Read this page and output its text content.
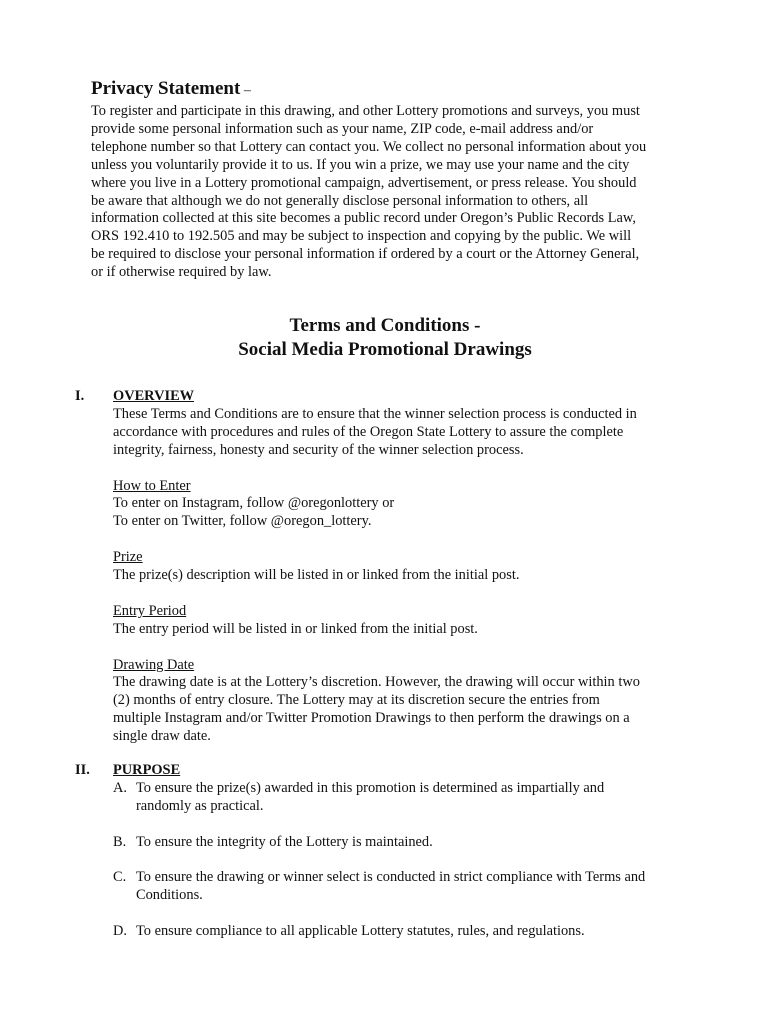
Privacy Statement –

To register and participate in this drawing, and other Lottery promotions and surveys, you must

provide some personal information such as your name, ZIP code, e-mail address and/or

telephone number so that Lottery can contact you. We collect no personal information about you

unless you voluntarily provide it to us. If you win a prize, we may use your name and the city

where you live in a Lottery promotional campaign, advertisement, or press release. You should

be aware that although we do not generally disclose personal information to others, all

information collected at this site becomes a public record under Oregon’s Public Records Law,

ORS 192.410 to 192.505 and may be subject to inspection and copying by the public. We will

be required to disclose your personal information if ordered by a court or the Attorney General,

or if otherwise required by law.

Terms and Conditions -
Social Media Promotional Drawings
I. OVERVIEW

These Terms and Conditions are to ensure that the winner selection process is conducted in

accordance with procedures and rules of the Oregon State Lottery to assure the complete

integrity, fairness, honesty and security of the winner selection process.

How to Enter

To enter on Instagram, follow @oregonlottery or

To enter on Twitter, follow @oregon_lottery.

Prize

The prize(s) description will be listed in or linked from the initial post.

Entry Period

The entry period will be listed in or linked from the initial post.

Drawing Date

The drawing date is at the Lottery’s discretion. However, the drawing will occur within two

(2) months of entry closure. The Lottery may at its discretion secure the entries from

multiple Instagram and/or Twitter Promotion Drawings to then perform the drawings on a

single draw date.

II. PURPOSE

A. To ensure the prize(s) awarded in this promotion is determined as impartially and

randomly as practical.

B. To ensure the integrity of the Lottery is maintained.

C. To ensure the drawing or winner select is conducted in strict compliance with Terms and

Conditions.

D. To ensure compliance to all applicable Lottery statutes, rules, and regulations.
